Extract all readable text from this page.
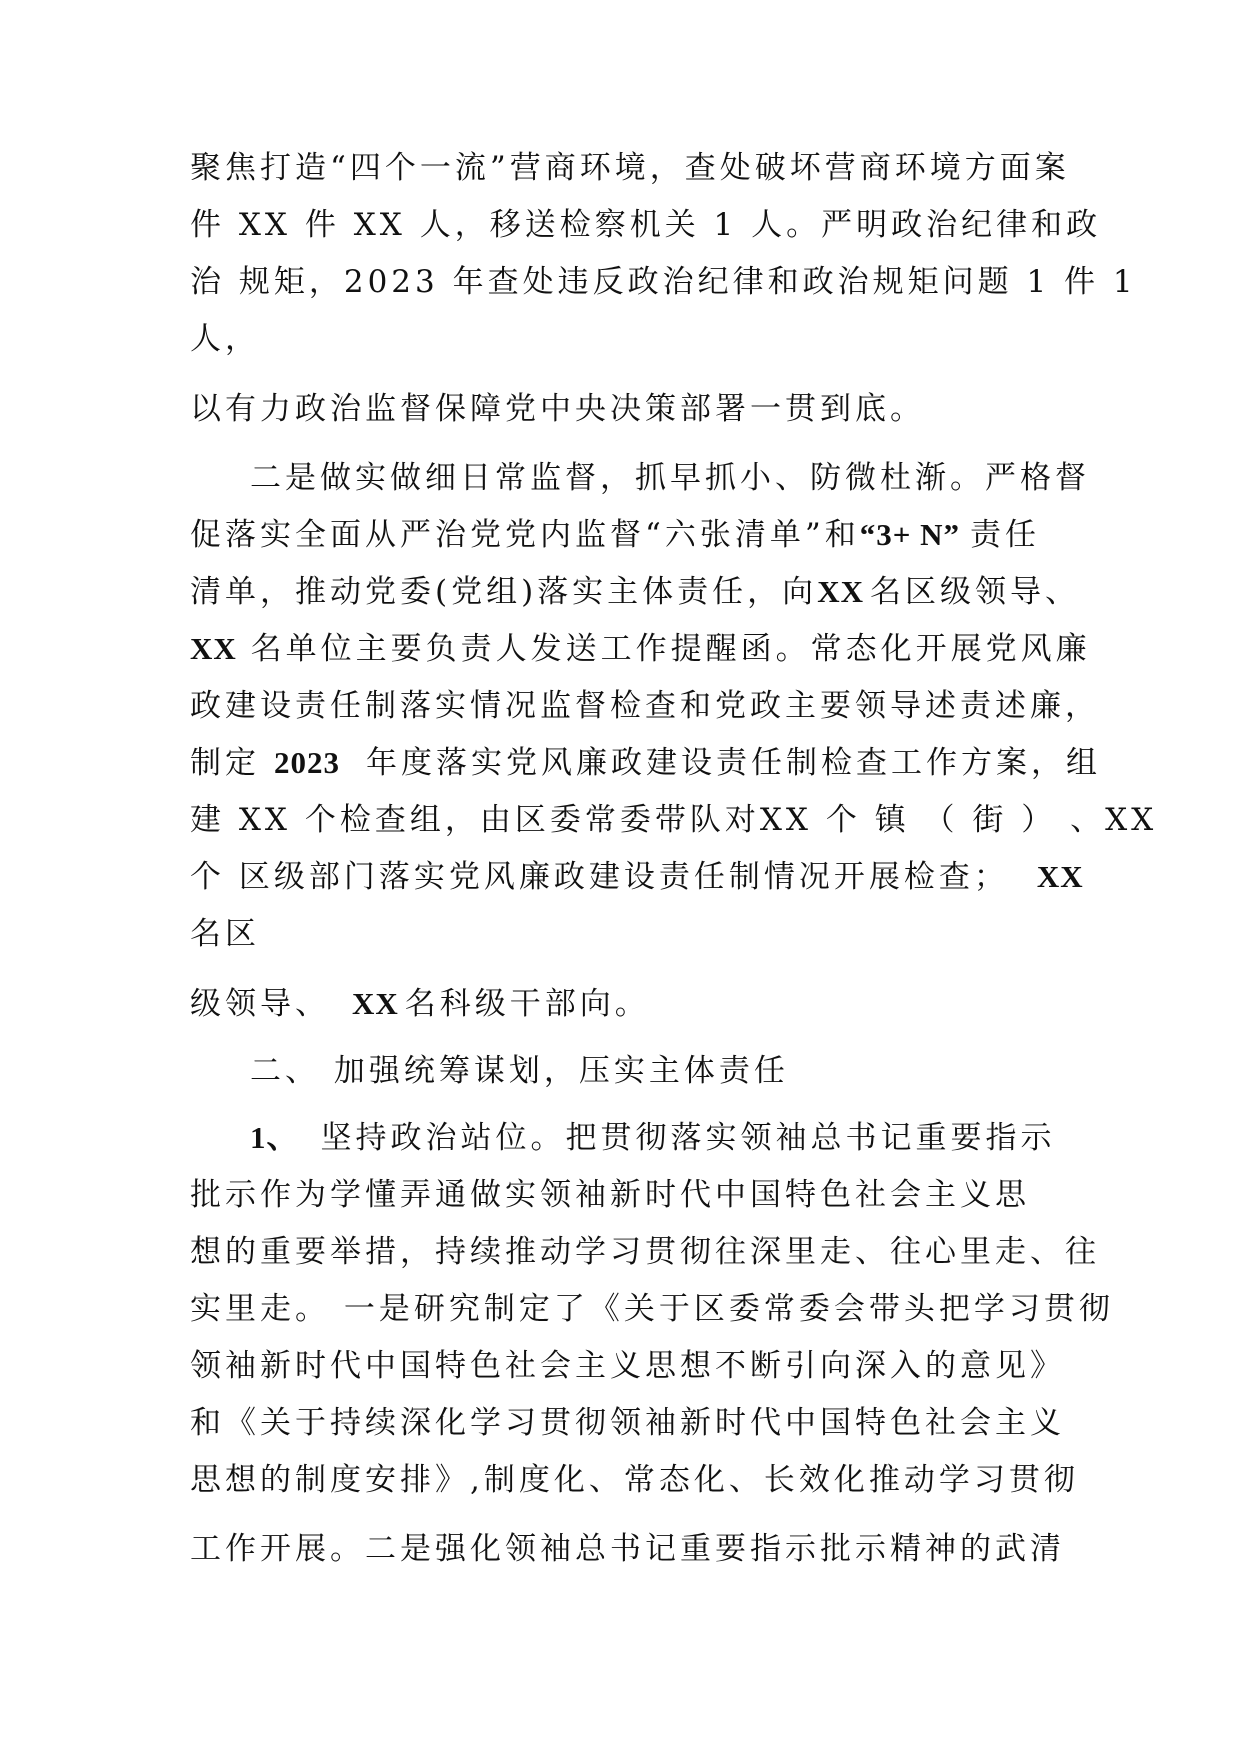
聚焦打造“四个一流”营商环境，查处破坏营商环境方面案
件 XX 件 XX 人，移送检察机关 1 人。严明政治纪律和政
治 规矩，2023 年查处违反政治纪律和政治规矩问题 1 件 1
人，
以有力政治监督保障党中央决策部署一贯到底。
二是做实做细日常监督，抓早抓小、防微杜渐。严格督
促落实全面从严治党党内监督“六张清单”和“3+ N” 责任
清单，推动党委(党组)落实主体责任，向XX 名区级领导、
XX 名单位主要负责人发送工作提醒函。常态化开展党风廉
政建设责任制落实情况监督检查和党政主要领导述责述廉，
制定 2023 年度落实党风廉政建设责任制检查工作方案，组
建 XX 个检查组，由区委常委带队对XX 个 镇 （ 街 ） 、XX
个 区级部门落实党风廉政建设责任制情况开展检查； XX
名区
级领导、 XX 名科级干部向。
二、 加强统筹谋划，压实主体责任
1、 坚持政治站位。把贯彻落实领袖总书记重要指示
批示作为学懂弄通做实领袖新时代中国特色社会主义思
想的重要举措，持续推动学习贯彻往深里走、往心里走、往
实里走。 一是研究制定了《关于区委常委会带头把学习贯彻
领袖新时代中国特色社会主义思想不断引向深入的意见》
和《关于持续深化学习贯彻领袖新时代中国特色社会主义
思想的制度安排》,制度化、常态化、长效化推动学习贯彻
工作开展。二是强化领袖总书记重要指示批示精神的武清
